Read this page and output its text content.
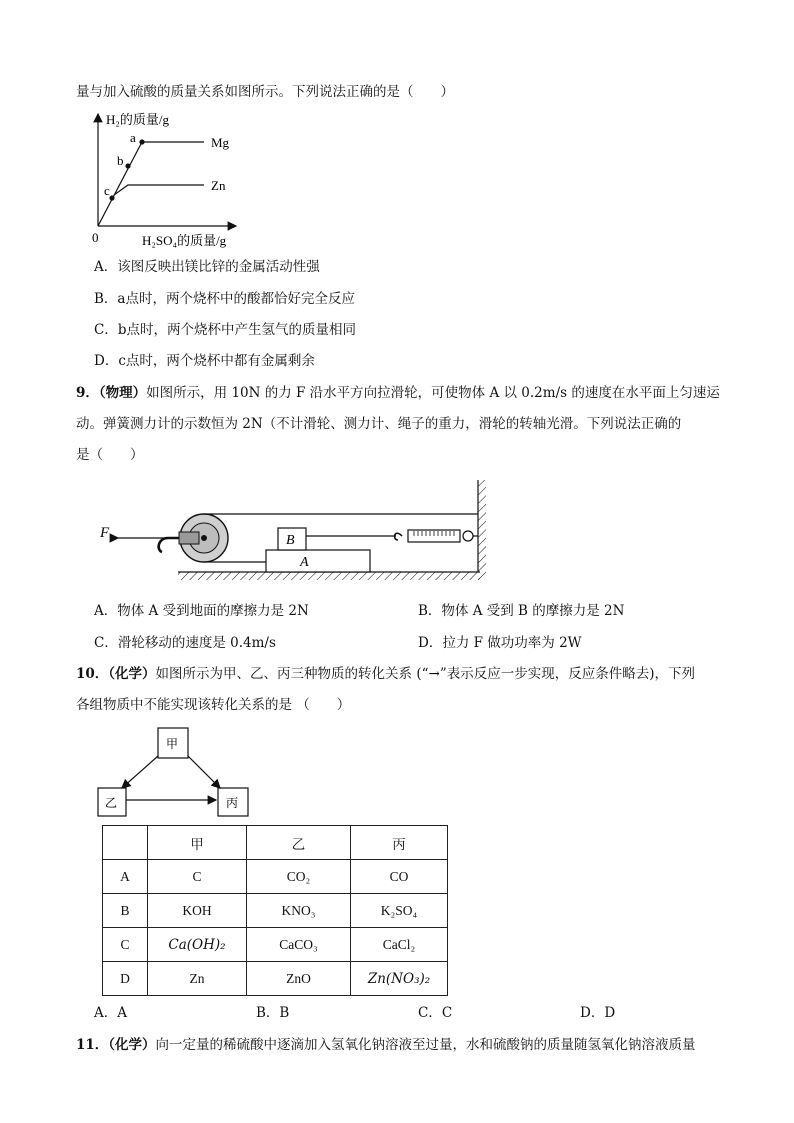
量与加入硫酸的质量关系如图所示。下列说法正确的是（　　）
H₂的质量/g
H₂SO₄的质量/g
0
a
b
c
Mg
Zn
A．该图反映出镁比锌的金属活动性强
B．a点时，两个烧杯中的酸都恰好完全反应
C．b点时，两个烧杯中产生氢气的质量相同
D．c点时，两个烧杯中都有金属剩余
9．（物理）如图所示，用 10N 的力 F 沿水平方向拉滑轮，可使物体 A 以 0.2m/s 的速度在水平面上匀速运
动。弹簧测力计的示数恒为 2N（不计滑轮、测力计、绳子的重力，滑轮的转轴光滑。下列说法正确的
是（　　）
A
B
F
A．物体 A 受到地面的摩擦力是 2N	B．物体 A 受到 B 的摩擦力是 2N
C．滑轮移动的速度是 0.4m/s	D．拉力 F 做功功率为 2W
10．（化学）如图所示为甲、乙、丙三种物质的转化关系 (“→”表示反应一步实现，反应条件略去)，下列
各组物质中不能实现该转化关系的是 （　　）
甲
乙	丙
	甲	乙	丙
A	C	CO₂	CO
B	KOH	KNO₃	K₂SO₄
C	Ca(OH)₂	CaCO₃	CaCl₂
D	Zn	ZnO	Zn(NO₃)₂
A．A	B．B	C．C	D．D
11．（化学）向一定量的稀硫酸中逐滴加入氢氧化钠溶液至过量，水和硫酸钠的质量随氢氧化钠溶液质量
